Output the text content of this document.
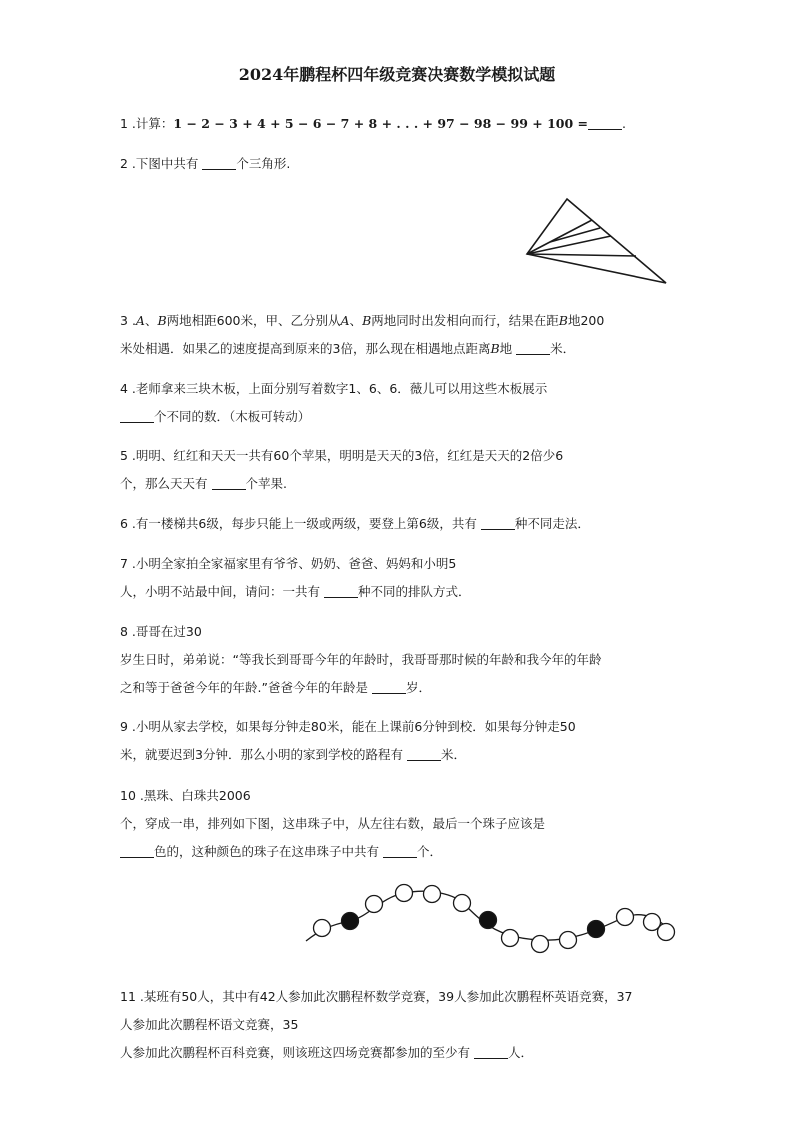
2024年鹏程杯四年级竞赛决赛数学模拟试题
1 .计算：1 − 2 − 3 + 4 + 5 − 6 − 7 + 8 + . . . + 97 − 98 − 99 + 100 =	.
2 .下图中共有	个三角形.
3 .A、B两地相距600米，甲、乙分别从A、B两地同时出发相向而行，结果在距B地200
米处相遇．如果乙的速度提高到原来的3倍，那么现在相遇地点距离B地	米．
4 .老师拿来三块木板，上面分别写着数字1、6、6．薇儿可以用这些木板展示
个不同的数．（木板可转动）
5 .明明、红红和天天一共有60个苹果，明明是天天的3倍，红红是天天的2倍少6
个，那么天天有	个苹果.
6 .有一楼梯共6级，每步只能上一级或两级，要登上第6级，共有	种不同走法．
7 .小明全家拍全家福家里有爷爷、奶奶、爸爸、妈妈和小明5
人，小明不站最中间，请问：一共有	种不同的排队方式．
8 .哥哥在过30
岁生日时，弟弟说：“等我长到哥哥今年的年龄时，我哥哥那时候的年龄和我今年的年龄
之和等于爸爸今年的年龄.”爸爸今年的年龄是	岁．
9 .小明从家去学校，如果每分钟走80米，能在上课前6分钟到校．如果每分钟走50
米，就要迟到3分钟．那么小明的家到学校的路程有	米．
10 .黑珠、白珠共2006
个，穿成一串，排列如下图，这串珠子中，从左往右数，最后一个珠子应该是
色的，这种颜色的珠子在这串珠子中共有	个．
11 .某班有50人，其中有42人参加此次鹏程杯数学竞赛，39人参加此次鹏程杯英语竞赛，37
人参加此次鹏程杯语文竞赛，35
人参加此次鹏程杯百科竞赛，则该班这四场竞赛都参加的至少有	人．
